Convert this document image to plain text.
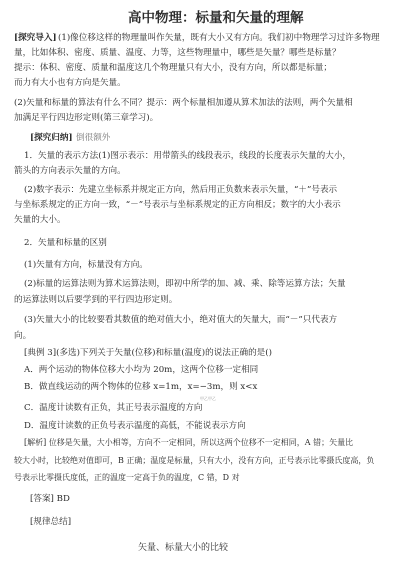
高中物理：标量和矢量的理解
[探究导入] (1)像位移这样的物理量叫作矢量，既有大小又有方向。我们初中物理学习过许多物理
量，比如体积、密度、质量、温度、力等，这些物理量中，哪些是矢量？哪些是标量？
提示：体积、密度、质量和温度这几个物理量只有大小，没有方向，所以都是标量；
而力有大小也有方向是矢量。
(2)矢量和标量的算法有什么不同？提示：两个标量相加遵从算术加法的法则，两个矢量相
加满足平行四边形定则(第三章学习)。
[探究归纳] 倒很额外
1．矢量的表示方法(1)图示表示：用带箭头的线段表示，线段的长度表示矢量的大小，
箭头的方向表示矢量的方向。
(2)数字表示：先建立坐标系并规定正方向，然后用正负数来表示矢量，“＋”号表示
与坐标系规定的正方向一致，“－”号表示与坐标系规定的正方向相反；数字的大小表示
矢量的大小。
2．矢量和标量的区别
(1)矢量有方向，标量没有方向。
(2)标量的运算法则为算术运算法则，即初中所学的加、减、乘、除等运算方法；矢量
的运算法则以后要学到的平行四边形定则。
(3)矢量大小的比较要看其数值的绝对值大小，绝对值大的矢量大，而“－”只代表方
向。
[典例 3](多选)下列关于矢量(位移)和标量(温度)的说法正确的是()
A．两个运动的物体位移大小均为 20m，这两个位移一定相同
B．做直线运动的两个物体的位移 x=1m，x=−3m，则 x<x
甲乙甲乙
C．温度计读数有正负，其正号表示温度的方向
D．温度计读数的正负号表示温度的高低，不能说表示方向
[解析] 位移是矢量，大小相等，方向不一定相同，所以这两个位移不一定相同，A 错；矢量比
较大小时，比较绝对值即可，B 正确；温度是标量，只有大小，没有方向，正号表示比零摄氏度高，负
号表示比零摄氏度低，正的温度一定高于负的温度，C 错，D 对
[答案] BD
[规律总结]
矢量、标量大小的比较
